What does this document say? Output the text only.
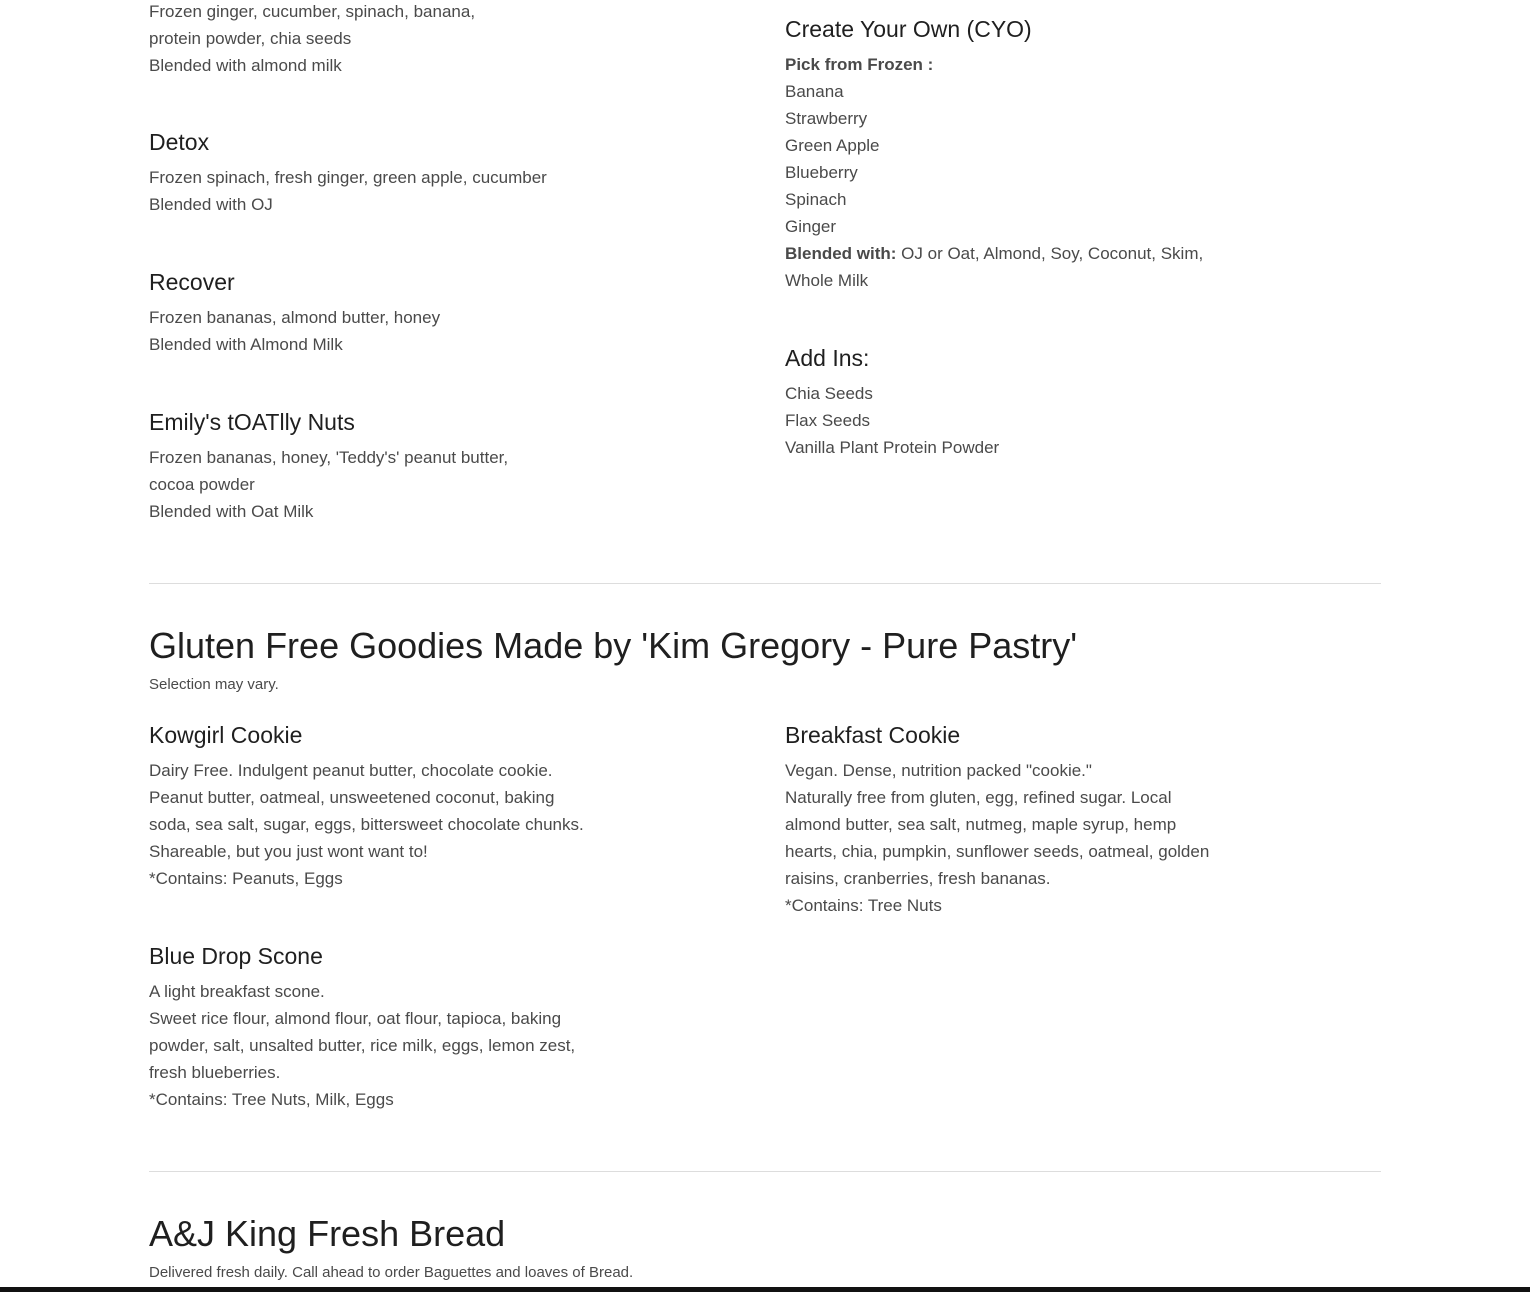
Frozen ginger, cucumber, spinach, banana,
protein powder, chia seeds
Blended with almond milk
Detox
Frozen spinach, fresh ginger, green apple, cucumber
Blended with OJ
Recover
Frozen bananas, almond butter, honey
Blended with Almond Milk
Emily's tOATlly Nuts
Frozen bananas, honey, 'Teddy's' peanut butter,
cocoa powder
Blended with Oat Milk
Create Your Own (CYO)
Pick from Frozen :
Banana
Strawberry
Green Apple
Blueberry
Spinach
Ginger
Blended with: OJ or Oat, Almond, Soy, Coconut, Skim,
Whole Milk
Add Ins:
Chia Seeds
Flax Seeds
Vanilla Plant Protein Powder
Gluten Free Goodies Made by 'Kim Gregory - Pure Pastry'
Selection may vary.
Kowgirl Cookie
Dairy Free. Indulgent peanut butter, chocolate cookie.
Peanut butter, oatmeal, unsweetened coconut, baking
soda, sea salt, sugar, eggs, bittersweet chocolate chunks.
Shareable, but you just wont want to!
*Contains: Peanuts, Eggs
Breakfast Cookie
Vegan. Dense, nutrition packed "cookie."
Naturally free from gluten, egg, refined sugar. Local
almond butter, sea salt, nutmeg, maple syrup, hemp
hearts, chia, pumpkin, sunflower seeds, oatmeal, golden
raisins, cranberries, fresh bananas.
*Contains: Tree Nuts
Blue Drop Scone
A light breakfast scone.
Sweet rice flour, almond flour, oat flour, tapioca, baking
powder, salt, unsalted butter, rice milk, eggs, lemon zest,
fresh blueberries.
*Contains: Tree Nuts, Milk, Eggs
A&J King Fresh Bread
Delivered fresh daily. Call ahead to order Baguettes and loaves of Bread.
